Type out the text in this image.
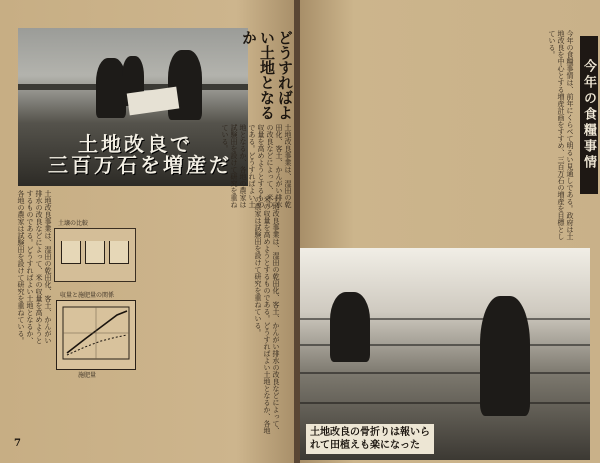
土地改良で
三百万石を増産だ
どうすればよい土地となるか

土地改良事業は、湿田の乾田化、客土、かんがい排水の改良などによって、米の収量を高めようとするものである。どうすればよい土地となるか、各地の農家は試験田を設けて研究を重ねている。

土地改良事業は、湿田の乾田化、客土、かんがい排水の改良などによって、米の収量を高めようとするものである。どうすればよい土地となるか、各地の農家は試験田を設けて研究を重ねている。

土地改良事業は、湿田の乾田化、客土、かんがい排水の改良などによって、米の収量を高めようとするものである。どうすればよい土地となるか、各地の農家は試験田を設けて研究を重ねている。	土壌の比較
収量と施肥量の関係
施肥量
7

今年の食糧事情は、前年にくらべて明るい見通しである。政府は土地改良を中心とする増産計画をすすめ、三百万石の増産を目標としている。

土地改良の骨折りは報いられて田植えも楽になった
今年の食糧事情
